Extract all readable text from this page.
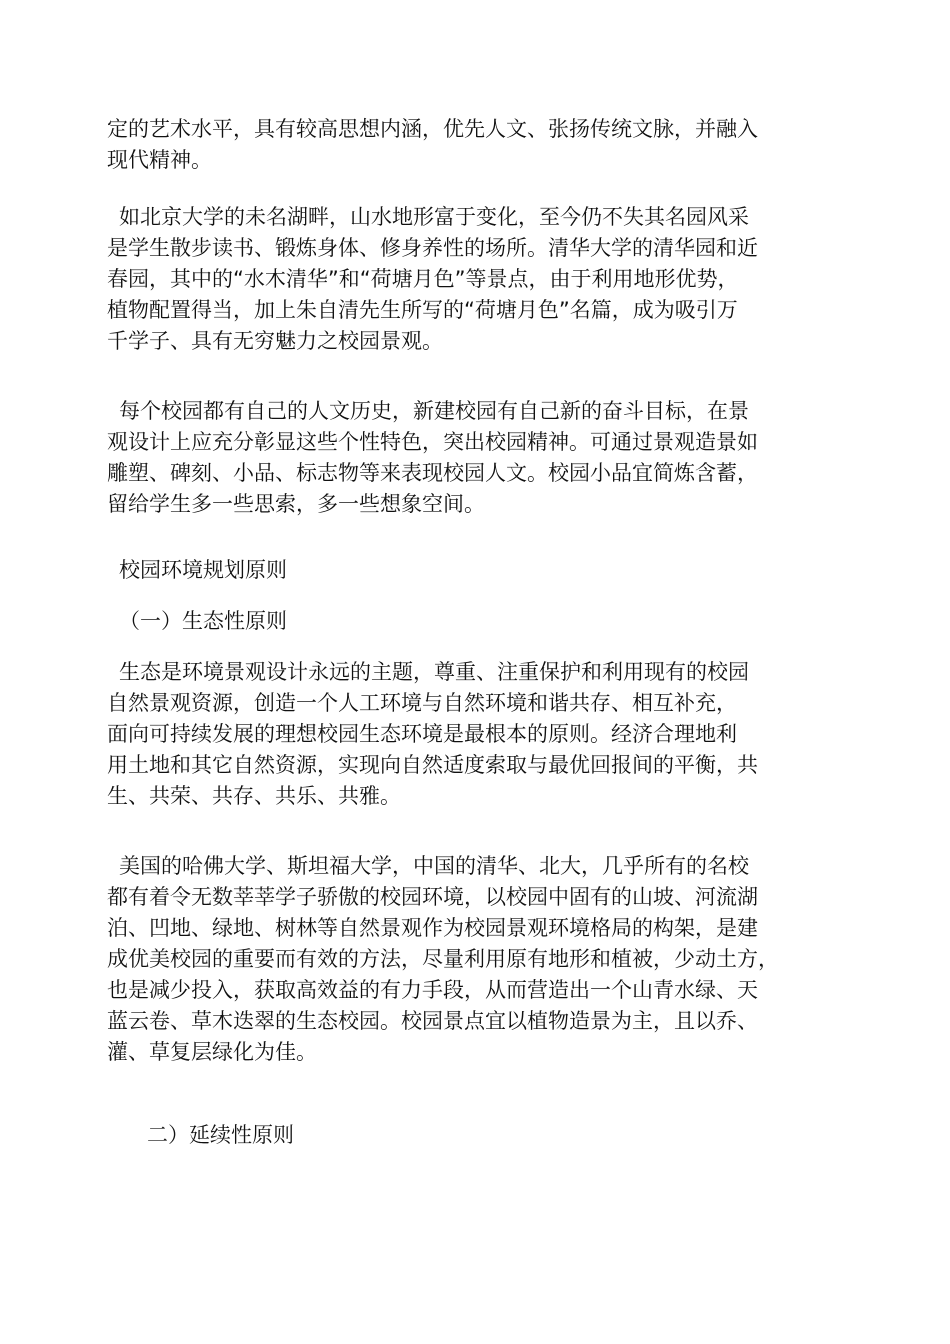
定的艺术水平，具有较高思想内涵，优先人文、张扬传统文脉，并融入
现代精神。
如北京大学的未名湖畔，山水地形富于变化，至今仍不失其名园风采
是学生散步读书、锻炼身体、修身养性的场所。清华大学的清华园和近
春园，其中的“水木清华”和“荷塘月色”等景点，由于利用地形优势，
植物配置得当，加上朱自清先生所写的“荷塘月色”名篇，成为吸引万
千学子、具有无穷魅力之校园景观。
每个校园都有自己的人文历史，新建校园有自己新的奋斗目标，在景
观设计上应充分彰显这些个性特色，突出校园精神。可通过景观造景如
雕塑、碑刻、小品、标志物等来表现校园人文。校园小品宜简炼含蓄，
留给学生多一些思索，多一些想象空间。
校园环境规划原则
（一）生态性原则
生态是环境景观设计永远的主题，尊重、注重保护和利用现有的校园
自然景观资源，创造一个人工环境与自然环境和谐共存、相互补充，
面向可持续发展的理想校园生态环境是最根本的原则。经济合理地利
用土地和其它自然资源，实现向自然适度索取与最优回报间的平衡，共
生、共荣、共存、共乐、共雅。
美国的哈佛大学、斯坦福大学，中国的清华、北大，几乎所有的名校
都有着令无数莘莘学子骄傲的校园环境，以校园中固有的山坡、河流湖
泊、凹地、绿地、树林等自然景观作为校园景观环境格局的构架，是建
成优美校园的重要而有效的方法，尽量利用原有地形和植被，少动土方，
也是减少投入，获取高效益的有力手段，从而营造出一个山青水绿、天
蓝云卷、草木迭翠的生态校园。校园景点宜以植物造景为主，且以乔、
灌、草复层绿化为佳。
二）延续性原则
